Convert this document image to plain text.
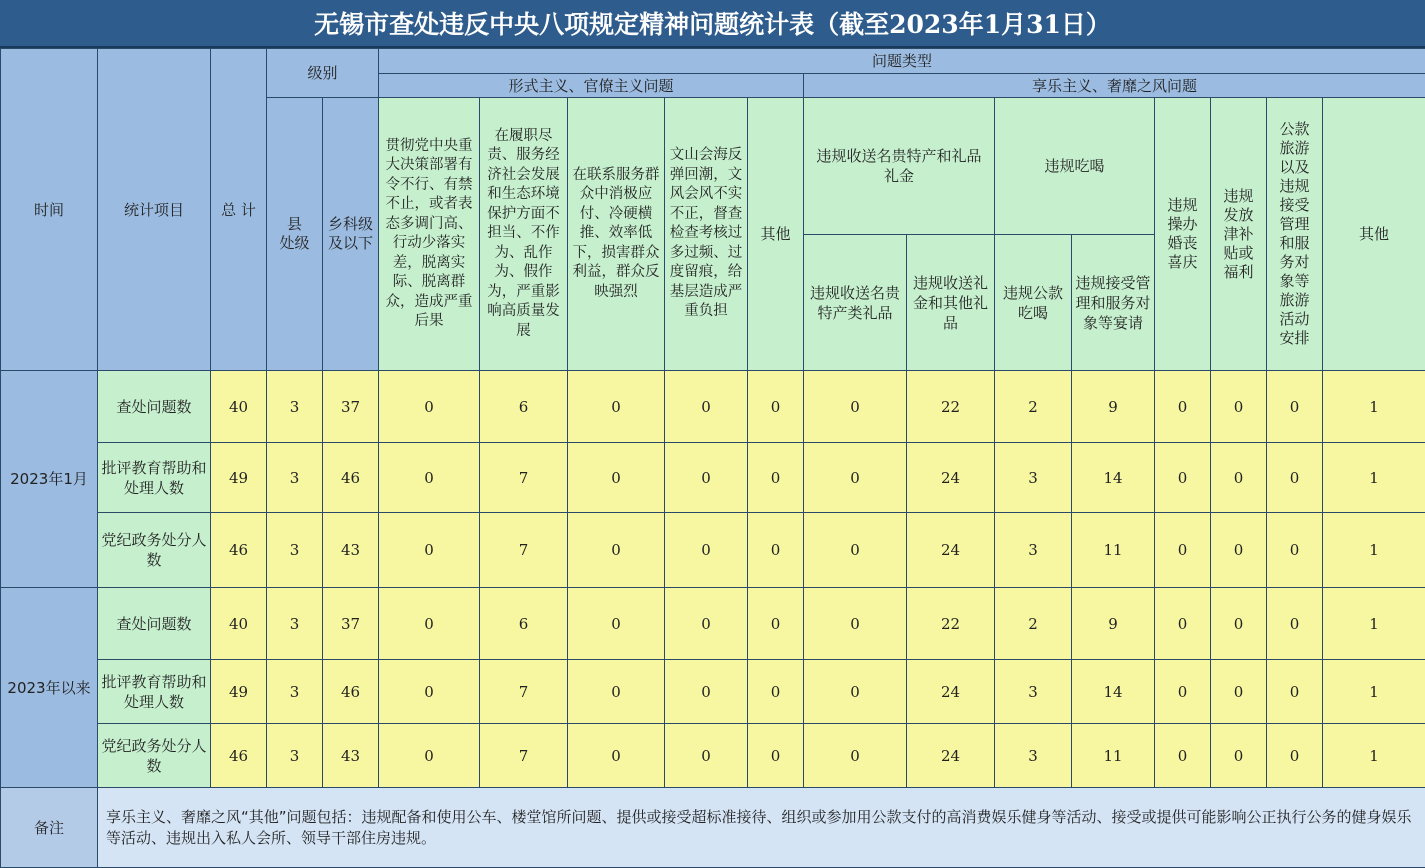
无锡市查处违反中央八项规定精神问题统计表（截至2023年1月31日）
时间	统计项目	总 计	级别		问题类型												
					形式主义、官僚主义问题					享乐主义、奢靡之风问题							
			县 处级	乡科级及以下	贯彻党中央重大决策部署有令不行、有禁不止，或者表态多调门高、行动少落实差，脱离实际、脱离群众，造成严重后果	在履职尽责、服务经济社会发展和生态环境保护方面不担当、不作为、乱作为、假作为，严重影响高质量发展	在联系服务群众中消极应付、冷硬横推、效率低下，损害群众利益，群众反映强烈	文山会海反弹回潮，文风会风不实不正，督查检查考核过多过频、过度留痕，给基层造成严重负担	其他	违规收送名贵特产和礼品礼金		违规吃喝		违规操办婚丧喜庆	违规发放津补贴或福利	公款旅游以及违规接受管理和服务对象等旅游活动安排	其他
										违规收送名贵特产类礼品	违规收送礼金和其他礼品	违规公款吃喝	违规接受管理和服务对象等宴请				
2023年1月	查处问题数	40	3	37	0	6	0	0	0	0	22	2	9	0	0	0	1
	批评教育帮助和处理人数	49	3	46	0	7	0	0	0	0	24	3	14	0	0	0	1
	党纪政务处分人数	46	3	43	0	7	0	0	0	0	24	3	11	0	0	0	1
2023年以来	查处问题数	40	3	37	0	6	0	0	0	0	22	2	9	0	0	0	1
	批评教育帮助和处理人数	49	3	46	0	7	0	0	0	0	24	3	14	0	0	0	1
	党纪政务处分人数	46	3	43	0	7	0	0	0	0	24	3	11	0	0	0	1
备注	享乐主义、奢靡之风“其他”问题包括：违规配备和使用公车、楼堂馆所问题、提供或接受超标准接待、组织或参加用公款支付的高消费娱乐健身等活动、接受或提供可能影响公正执行公务的健身娱乐等活动、违规出入私人会所、领导干部住房违规。																
